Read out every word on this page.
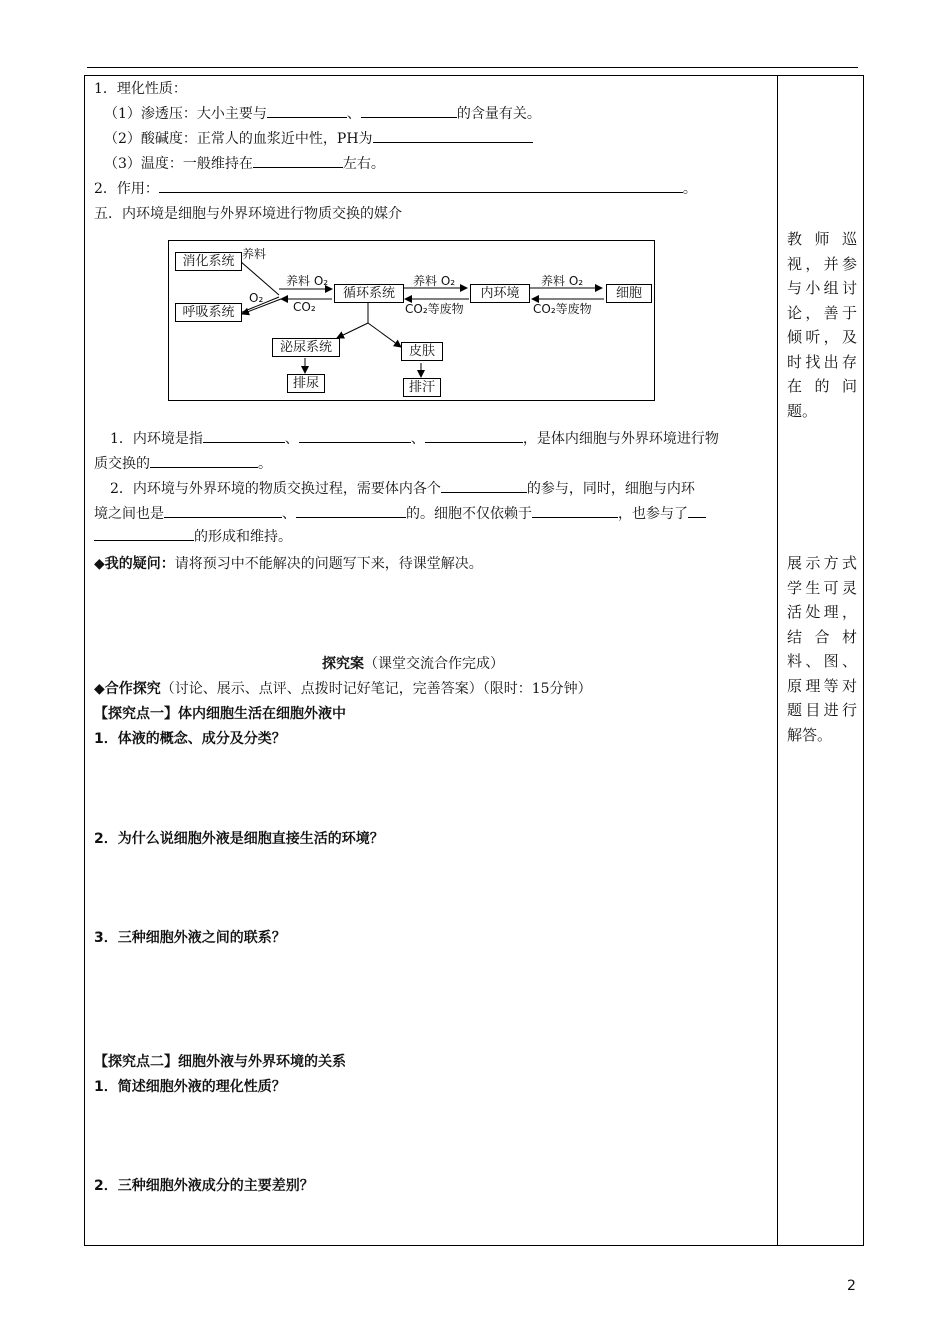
1．理化性质：
（1）渗透压：大小主要与	、	的含量有关。
（2）酸碱度：正常人的血浆近中性，PH为
（3）温度：一般维持在	左右。
2．作用：	。
五．内环境是细胞与外界环境进行物质交换的媒介
消化系统
呼吸系统
循环系统	内环境	细胞
泌尿系统	皮肤
排尿	排汗
养料
O₂
养料 O₂
CO₂
养料 O₂
CO₂等废物
养料 O₂
CO₂等废物
1．内环境是指	、	、	，是体内细胞与外界环境进行物
质交换的	。
2．内环境与外界环境的物质交换过程，需要体内各个	的参与，同时，细胞与内环
境之间也是	、	的。细胞不仅依赖于	，也参与了
的形成和维持。
◆我的疑问：请将预习中不能解决的问题写下来，待课堂解决。
探究案（课堂交流合作完成）
◆合作探究（讨论、展示、点评、点拨时记好笔记，完善答案）（限时：15分钟）
【探究点一】体内细胞生活在细胞外液中
1．体液的概念、成分及分类？
2．为什么说细胞外液是细胞直接生活的环境？
3．三种细胞外液之间的联系？
【探究点二】细胞外液与外界环境的关系
1．简述细胞外液的理化性质？
2．三种细胞外液成分的主要差别？
教师巡视，并参与小组讨论，善于倾听，及时找出存在的问题。
展示方式学生可灵活处理，结合材料、图、原理等对题目进行解答。
2
